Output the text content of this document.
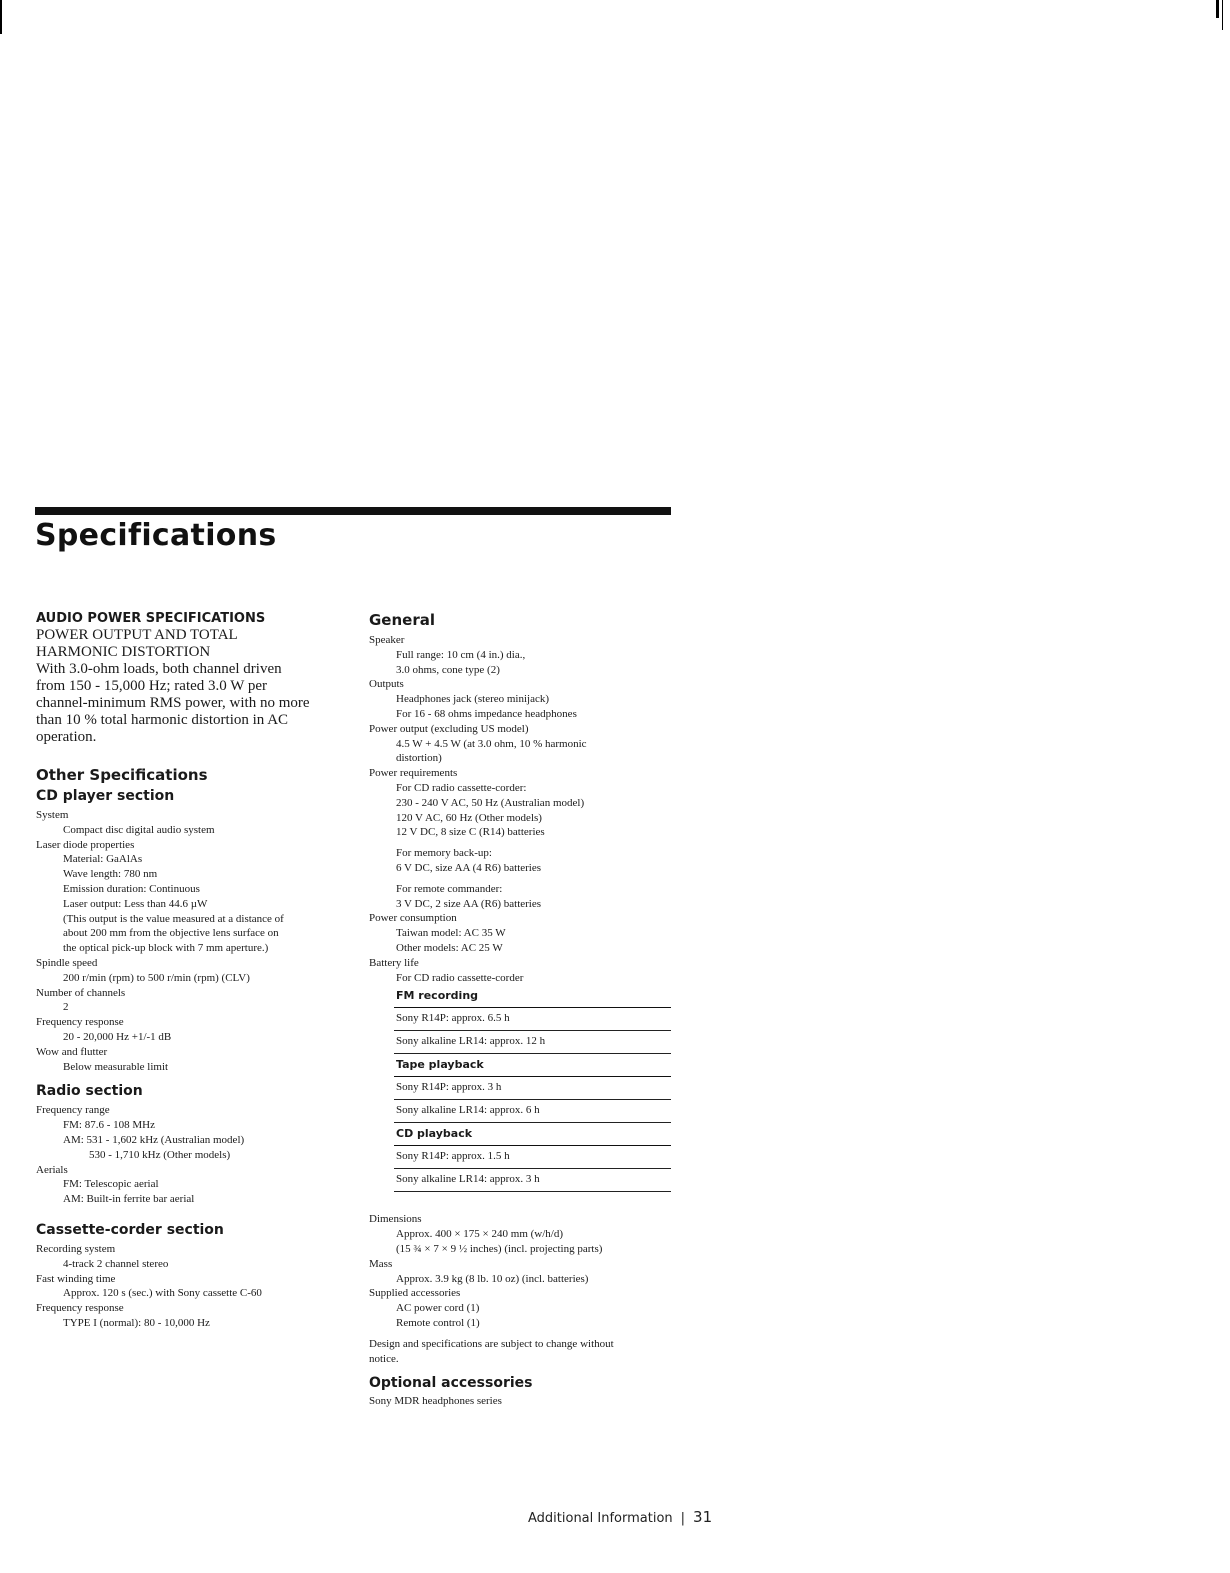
Specifications

AUDIO POWER SPECIFICATIONS

POWER OUTPUT AND TOTAL

HARMONIC DISTORTION

With 3.0-ohm loads, both channel driven

from 150 - 15,000 Hz; rated 3.0 W per

channel-minimum RMS power, with no more

than 10 % total harmonic distortion in AC

operation.

Other Specifications

CD player section

System

Compact disc digital audio system

Laser diode properties

Material: GaAlAs

Wave length: 780 nm

Emission duration: Continuous

Laser output: Less than 44.6 µW

(This output is the value measured at a distance of

about 200 mm from the objective lens surface on

the optical pick-up block with 7 mm aperture.)

Spindle speed

200 r/min (rpm) to 500 r/min (rpm) (CLV)

Number of channels

2

Frequency response

20 - 20,000 Hz +1/-1 dB

Wow and flutter

Below measurable limit

Radio section

Frequency range

FM: 87.6 - 108 MHz

AM: 531 - 1,602 kHz (Australian model)

530 - 1,710 kHz (Other models)

Aerials

FM: Telescopic aerial

AM: Built-in ferrite bar aerial

Cassette-corder section

Recording system

4-track 2 channel stereo

Fast winding time

Approx. 120 s (sec.) with Sony cassette C-60

Frequency response

TYPE I (normal): 80 - 10,000 Hz

General

Speaker

Full range: 10 cm (4 in.) dia.,

3.0 ohms, cone type (2)

Outputs

Headphones jack (stereo minijack)

For 16 - 68 ohms impedance headphones

Power output (excluding US model)

4.5 W + 4.5 W (at 3.0 ohm, 10 % harmonic

distortion)

Power requirements

For CD radio cassette-corder:

230 - 240 V AC, 50 Hz (Australian model)

120 V AC, 60 Hz (Other models)

12 V DC, 8 size C (R14) batteries

For memory back-up:

6 V DC, size AA (4 R6) batteries

For remote commander:

3 V DC, 2 size AA (R6) batteries

Power consumption

Taiwan model: AC 35 W

Other models: AC 25 W

Battery life

For CD radio cassette-corder

FM recording
Sony R14P: approx. 6.5 h
Sony alkaline LR14: approx. 12 h
Tape playback
Sony R14P: approx. 3 h
Sony alkaline LR14: approx. 6 h
CD playback
Sony R14P: approx. 1.5 h
Sony alkaline LR14: approx. 3 h

Dimensions

Approx. 400 × 175 × 240 mm (w/h/d)

(15 ¾ × 7 × 9 ½ inches) (incl. projecting parts)

Mass

Approx. 3.9 kg (8 lb. 10 oz) (incl. batteries)

Supplied accessories

AC power cord (1)

Remote control (1)

Design and specifications are subject to change without

notice.

Optional accessories

Sony MDR headphones series

Additional Information | 31
